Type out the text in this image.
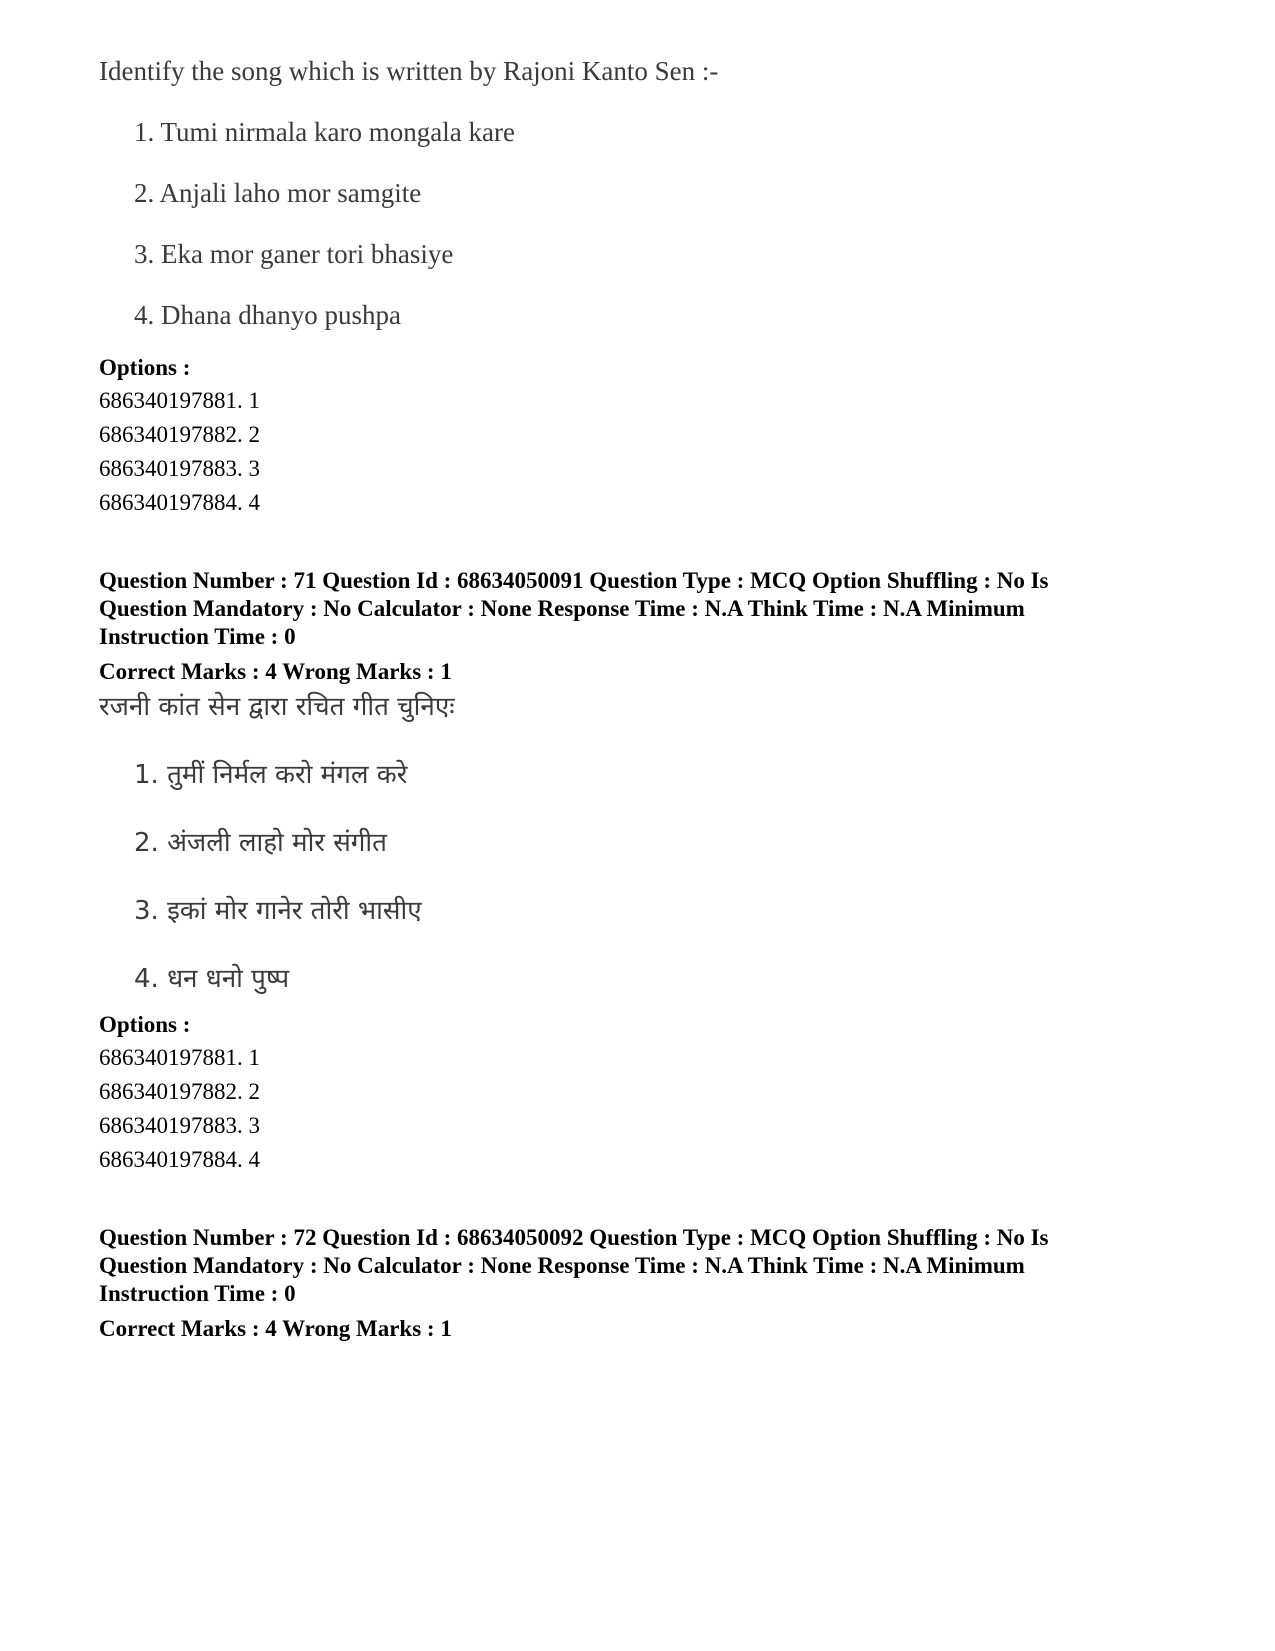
Identify the song which is written by Rajoni Kanto Sen :-
1. Tumi nirmala karo mongala kare
2. Anjali laho mor samgite
3. Eka mor ganer tori bhasiye
4. Dhana dhanyo pushpa
Options :
686340197881. 1
686340197882. 2
686340197883. 3
686340197884. 4
Question Number : 71 Question Id : 68634050091 Question Type : MCQ Option Shuffling : No Is
Question Mandatory : No Calculator : None Response Time : N.A Think Time : N.A Minimum
Instruction Time : 0
Correct Marks : 4 Wrong Marks : 1
रजनी कांत सेन द्वारा रचित गीत चुनिएः
1. तुमीं निर्मल करो मंगल करे
2. अंजली लाहो मोर संगीत
3. इकां मोर गानेर तोरी भासीए
4. धन धनो पुष्प
Options :
686340197881. 1
686340197882. 2
686340197883. 3
686340197884. 4
Question Number : 72 Question Id : 68634050092 Question Type : MCQ Option Shuffling : No Is
Question Mandatory : No Calculator : None Response Time : N.A Think Time : N.A Minimum
Instruction Time : 0
Correct Marks : 4 Wrong Marks : 1
